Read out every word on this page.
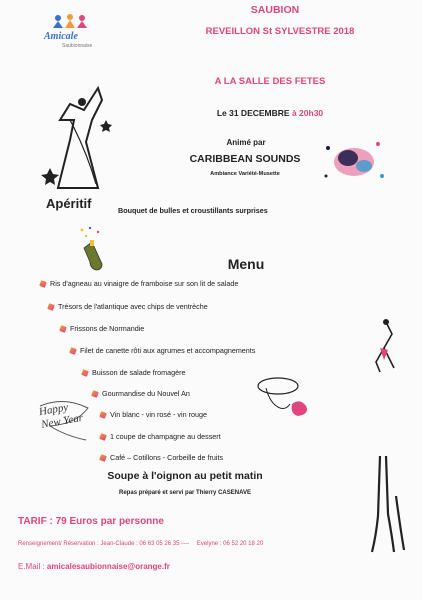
Amicale
Saubionnaise
SAUBION
REVEILLON St SYLVESTRE 2018
A LA SALLE DES FETES
Le 31 DECEMBRE à 20h30
Animé par
CARIBBEAN SOUNDS
Ambiance Variété-Musette
Apéritif	Bouquet de bulles et croustillants surprises
Menu
Ris d'agneau au vinaigre de framboise sur son lit de salade
Trésors de l'atlantique avec chips de ventrèche
Frissons de Normandie
Filet de canette rôti aux agrumes et accompagnements
Buisson de salade fromagère
Gourmandise du Nouvel An
Vin blanc - vin rosé - vin rouge
1 coupe de champagne au dessert
Café – Cotillons - Corbeille de fruits
Happy New Year
Soupe à l'oignon au petit matin
Repas préparé et servi par Thierry CASENAVE
TARIF : 79 Euros par personne
Renseignement/ Réservation : Jean-Claude : 06 63 05 26 35 ---- Evelyne : 06 52 20 18 20
E.Mail : amicalesaubionnaise@orange.fr
